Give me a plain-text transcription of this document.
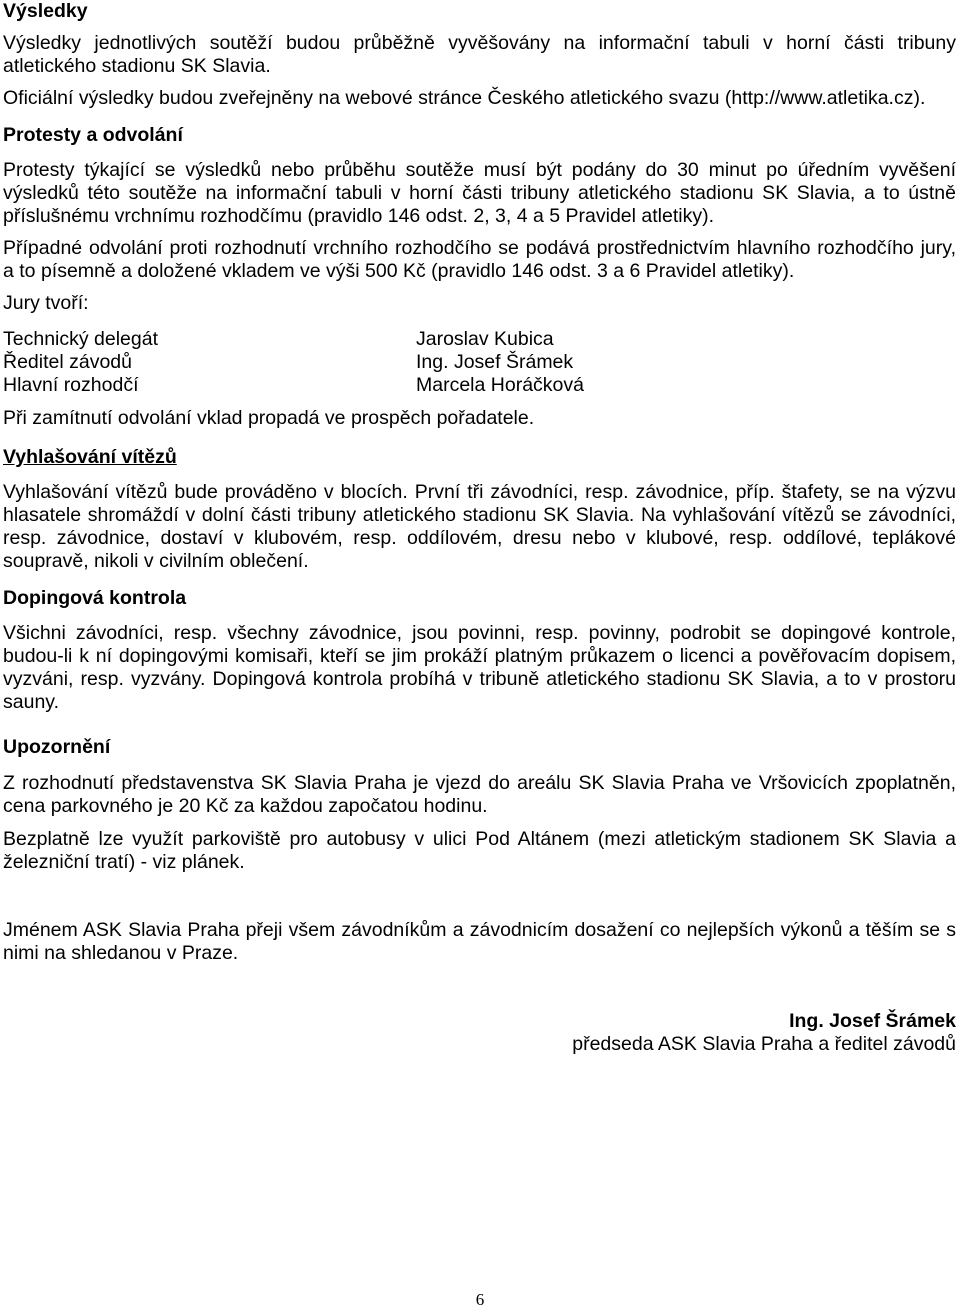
Výsledky

Výsledky jednotlivých soutěží budou průběžně vyvěšovány na informační tabuli v horní části tribuny atletického stadionu SK Slavia.

Oficiální výsledky budou zveřejněny na webové stránce Českého atletického svazu (http://www.atletika.cz).

Protesty a odvolání

Protesty týkající se výsledků nebo průběhu soutěže musí být podány do 30 minut po úředním vyvěšení výsledků této soutěže na informační tabuli v horní části tribuny atletického stadionu SK Slavia, a to ústně příslušnému vrchnímu rozhodčímu (pravidlo 146 odst. 2, 3, 4 a 5 Pravidel atletiky).

Případné odvolání proti rozhodnutí vrchního rozhodčího se podává prostřednictvím hlavního rozhodčího jury, a to písemně a doložené vkladem ve výši 500 Kč (pravidlo 146 odst. 3 a 6 Pravidel atletiky).

Jury tvoří:

Technický delegát	Jaroslav Kubica
Ředitel závodů	Ing. Josef Šrámek
Hlavní rozhodčí	Marcela Horáčková

Při zamítnutí odvolání vklad propadá ve prospěch pořadatele.

Vyhlašování vítězů

Vyhlašování vítězů bude prováděno v blocích. První tři závodníci, resp. závodnice, příp. štafety, se na výzvu hlasatele shromáždí v dolní části tribuny atletického stadionu SK Slavia. Na vyhlašování vítězů se závodníci, resp. závodnice, dostaví v klubovém, resp. oddílovém, dresu nebo v klubové, resp. oddílové, teplákové soupravě, nikoli v civilním oblečení.

Dopingová kontrola

Všichni závodníci, resp. všechny závodnice, jsou povinni, resp. povinny, podrobit se dopingové kontrole, budou-li k ní dopingovými komisaři, kteří se jim prokáží platným průkazem o licenci a pověřovacím dopisem, vyzváni, resp. vyzvány. Dopingová kontrola probíhá v tribuně atletického stadionu SK Slavia, a to v prostoru sauny.

Upozornění

Z rozhodnutí představenstva SK Slavia Praha je vjezd do areálu SK Slavia Praha ve Vršovicích zpoplatněn, cena parkovného je 20 Kč za každou započatou hodinu.

Bezplatně lze využít parkoviště pro autobusy v ulici Pod Altánem (mezi atletickým stadionem SK Slavia a železniční tratí) - viz plánek.

Jménem ASK Slavia Praha přeji všem závodníkům a závodnicím dosažení co nejlepších výkonů a těším se s nimi na shledanou v Praze.

Ing. Josef Šrámek

předseda ASK Slavia Praha a ředitel závodů

6
